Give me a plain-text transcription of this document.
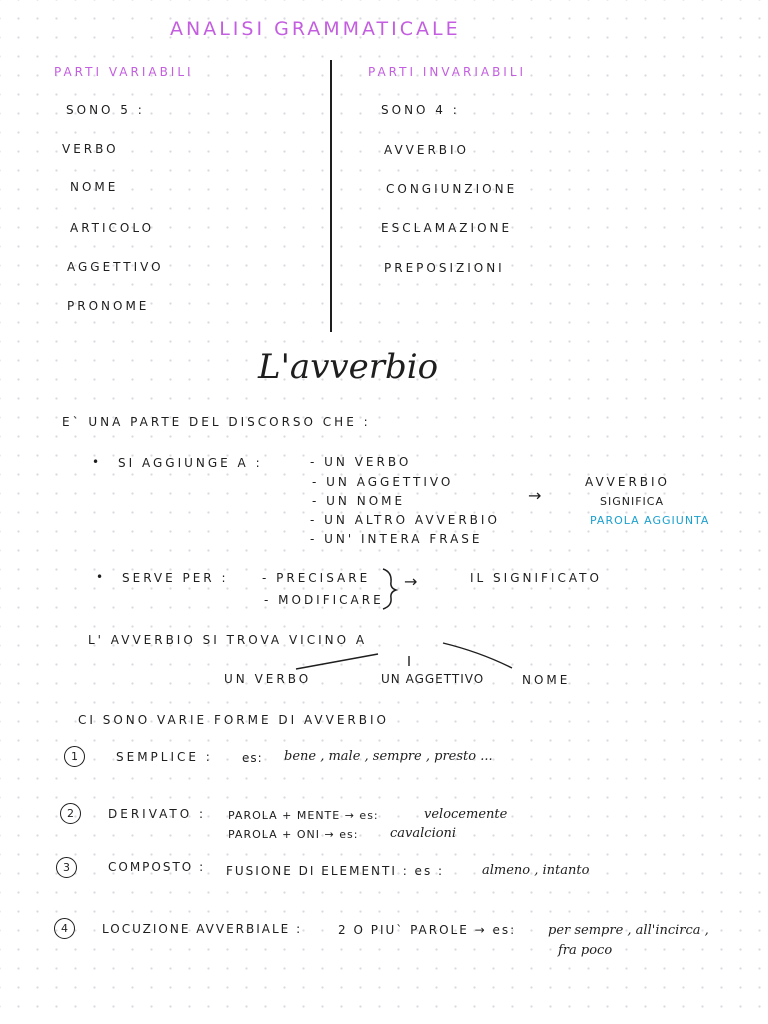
ANALISI GRAMMATICALE
PARTI VARIABILI
SONO 5 :
VERBO
NOME
ARTICOLO
AGGETTIVO
PRONOME
PARTI INVARIABILI
SONO 4 :
AVVERBIO
CONGIUNZIONE
ESCLAMAZIONE
PREPOSIZIONI
L'avverbio
E` UNA PARTE DEL DISCORSO CHE :
• SI AGGIUNGE A :	- UN VERBO
- UN AGGETTIVO
- UN NOME
- UN ALTRO AVVERBIO
- UN' INTERA FRASE
→
AVVERBIO
SIGNIFICA
PAROLA AGGIUNTA
• SERVE PER :	- PRECISARE
- MODIFICARE
→	IL SIGNIFICATO
L' AVVERBIO SI TROVA VICINO A
UN VERBO	UN AGGETTIVO	NOME
CI SONO VARIE FORME DI AVVERBIO
1	SEMPLICE : es: bene , male , sempre , presto ...
2	DERIVATO : PAROLA + MENTE → es:	velocemente
PAROLA + ONI → es: cavalcioni
3	COMPOSTO : FUSIONE DI ELEMENTI : es :	almeno , intanto
4	LOCUZIONE AVVERBIALE :	2 O PIU` PAROLE → es: per sempre , all'incirca ,
fra poco
